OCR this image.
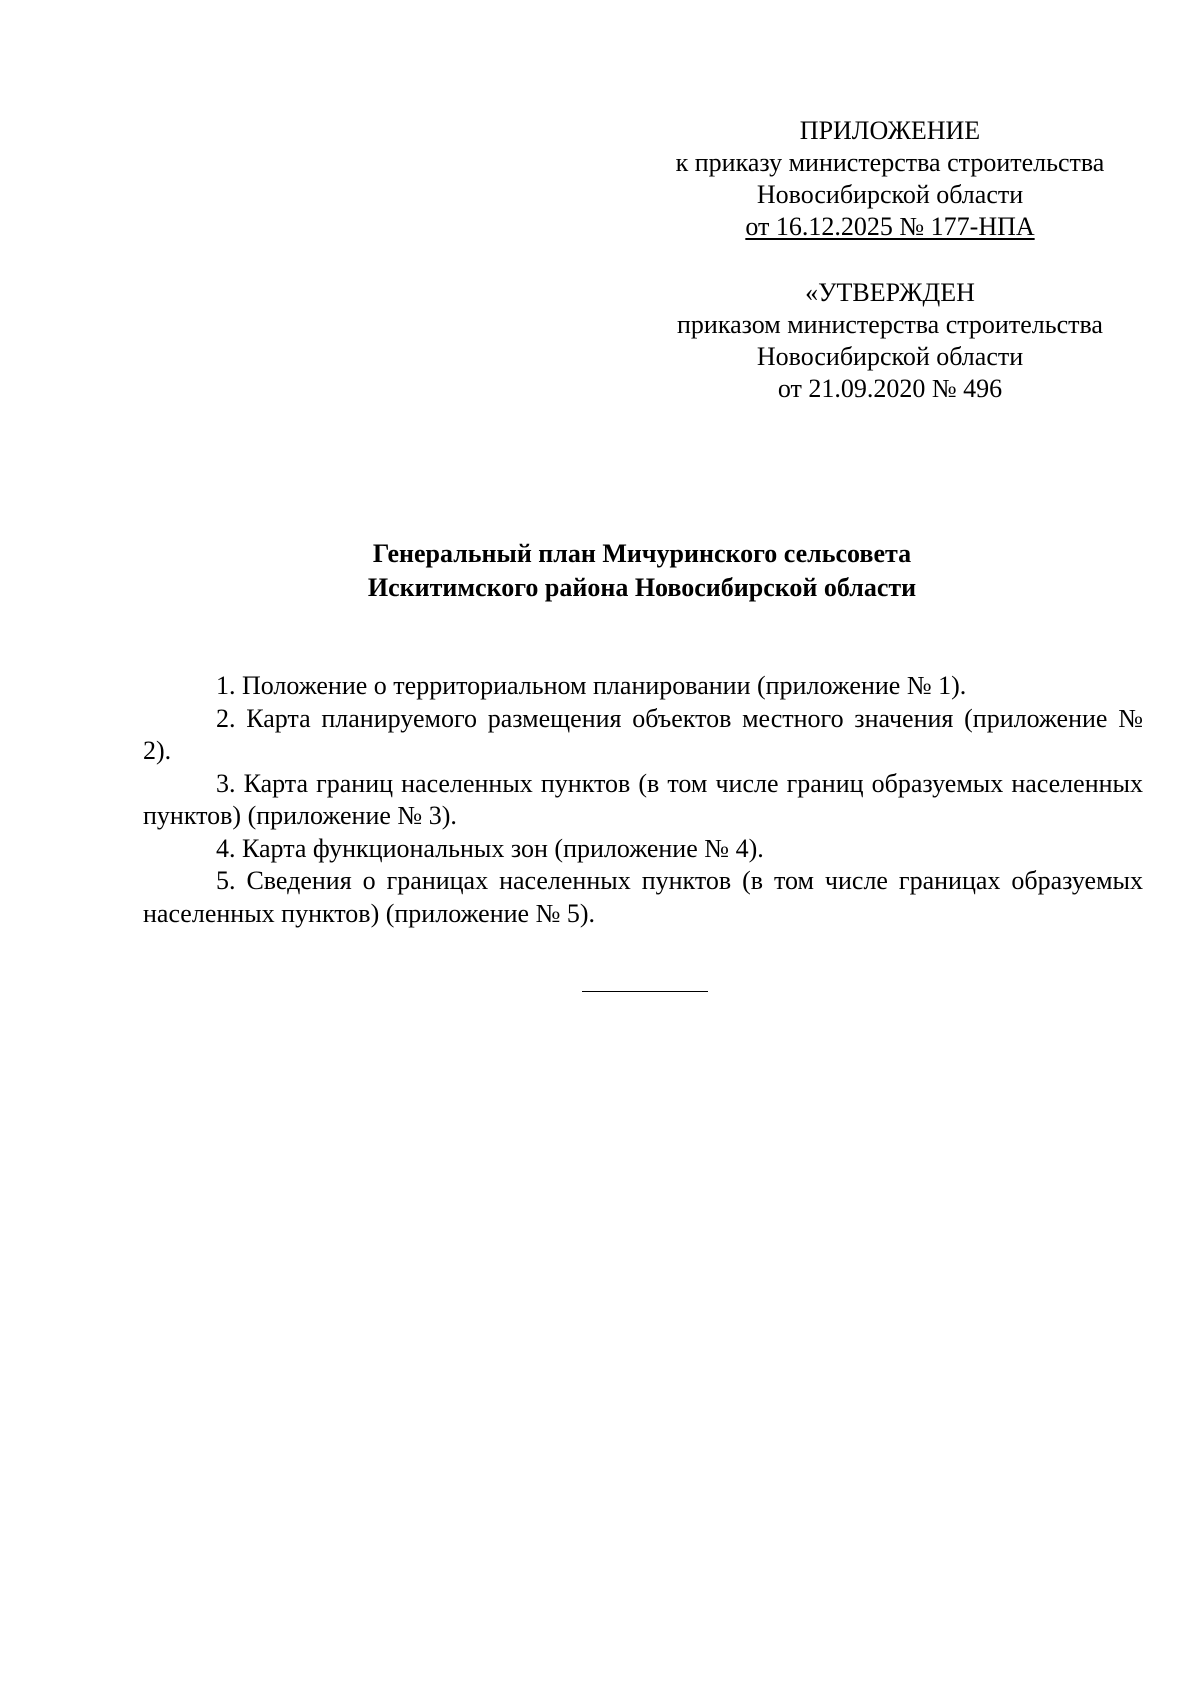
ПРИЛОЖЕНИЕ
к приказу министерства строительства
Новосибирской области
от 16.12.2025 № 177-НПА
«УТВЕРЖДЕН
приказом министерства строительства
Новосибирской области
от 21.09.2020 № 496
Генеральный план Мичуринского сельсовета
Искитимского района Новосибирской области

1. Положение о территориальном планировании (приложение № 1).

2. Карта планируемого размещения объектов местного значения (приложение № 2).

3. Карта границ населенных пунктов (в том числе границ образуемых населенных пунктов) (приложение № 3).

4. Карта функциональных зон (приложение № 4).

5. Сведения о границах населенных пунктов (в том числе границах образуемых населенных пунктов) (приложение № 5).
